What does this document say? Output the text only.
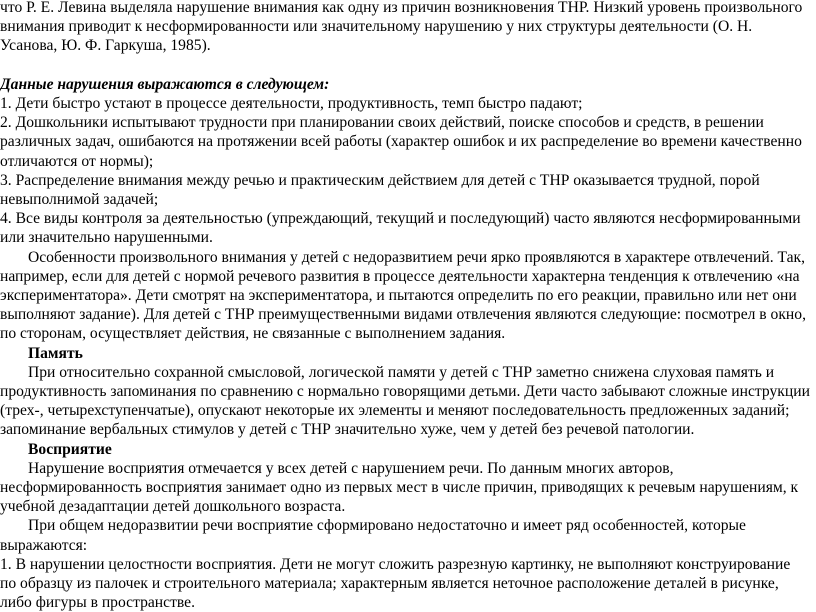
что Р. Е. Левина выделяла нарушение внимания как одну из причин возникновения ТНР. Низкий уровень произвольного внимания приводит к несформированности или значительному нарушению у них структуры деятельности (О. Н. Усанова, Ю. Ф. Гаркуша, 1985).

Данные нарушения выражаются в следующем:

1. Дети быстро устают в процессе деятельности, продуктивность, темп быстро падают;

2. Дошкольники испытывают трудности при планировании своих действий, поиске способов и средств, в решении различных задач, ошибаются на протяжении всей работы (характер ошибок и их распределение во времени качественно отличаются от нормы);

3. Распределение внимания между речью и практическим действием для детей с ТНР оказывается трудной, порой невыполнимой задачей;

4. Все виды контроля за деятельностью (упреждающий, текущий и последующий) часто являются несформированными или значительно нарушенными.

Особенности произвольного внимания у детей с недоразвитием речи ярко проявляются в характере отвлечений. Так, например, если для детей с нормой речевого развития в процессе деятельности характерна тенденция к отвлечению «на экспериментатора». Дети смотрят на экспериментатора, и пытаются определить по его реакции, правильно или нет они выполняют задание). Для детей с ТНР преимущественными видами отвлечения являются следующие: посмотрел в окно, по сторонам, осуществляет действия, не связанные с выполнением задания.

Память

При относительно сохранной смысловой, логической памяти у детей с ТНР заметно снижена слуховая память и продуктивность запоминания по сравнению с нормально говорящими детьми. Дети часто забывают сложные инструкции (трех-, четырехступенчатые), опускают некоторые их элементы и меняют последовательность предложенных заданий; запоминание вербальных стимулов у детей с ТНР значительно хуже, чем у детей без речевой патологии.

Восприятие

Нарушение восприятия отмечается у всех детей с нарушением речи. По данным многих авторов, несформированность восприятия занимает одно из первых мест в числе причин, приводящих к речевым нарушениям, к учебной дезадаптации детей дошкольного возраста.

При общем недоразвитии речи восприятие сформировано недостаточно и имеет ряд особенностей, которые выражаются:

1. В нарушении целостности восприятия. Дети не могут сложить разрезную картинку, не выполняют конструирование по образцу из палочек и строительного материала; характерным является неточное расположение деталей в рисунке, либо фигуры в пространстве.
